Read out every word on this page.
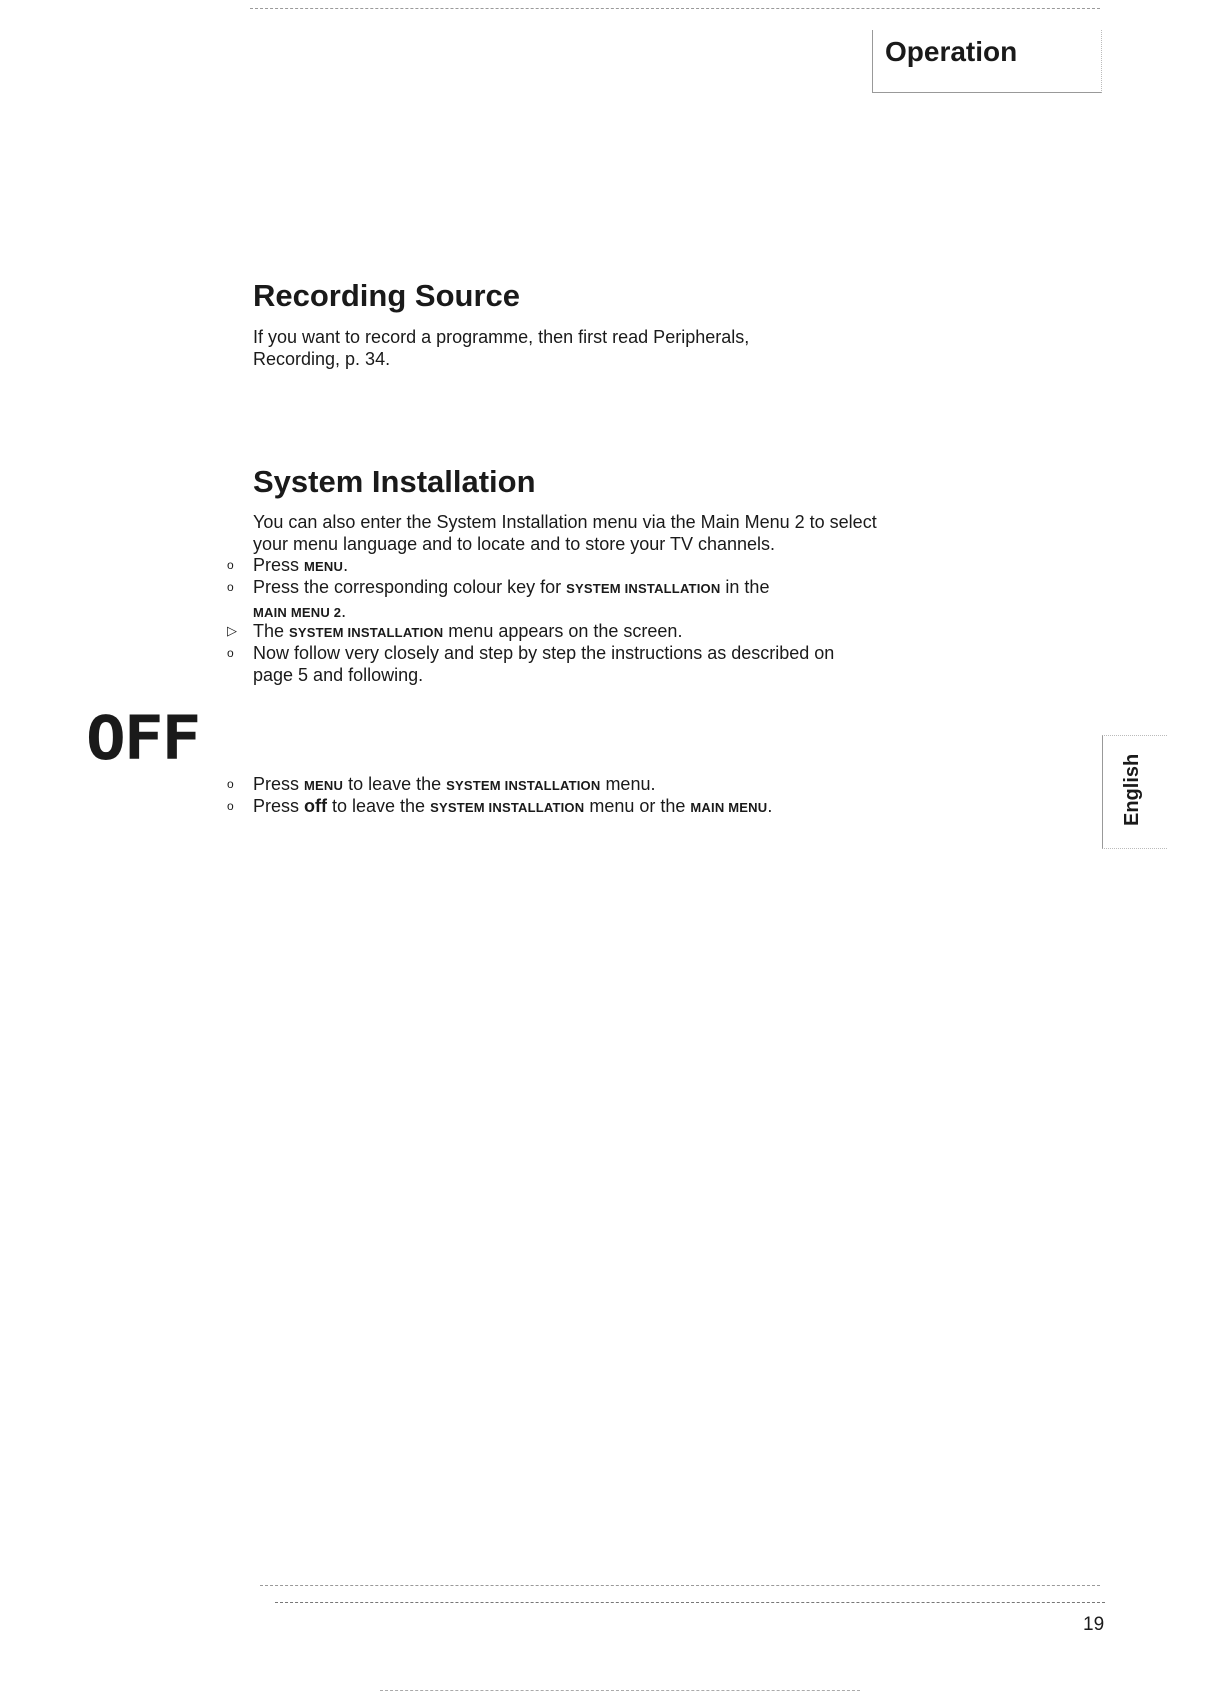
Operation
Recording Source

If you want to record a programme, then first read Peripherals, Recording, p. 34.

System Installation

You can also enter the System Installation menu via the Main Menu 2 to select your menu language and to locate and to store your TV channels.

o	Press MENU.
o	Press the corresponding colour key for SYSTEM INSTALLATION in the
MAIN MENU 2.
▷ The SYSTEM INSTALLATION menu appears on the screen.
o	Now follow very closely and step by step the instructions as described on page 5 and following.
OFF
o	Press MENU to leave the SYSTEM INSTALLATION menu.
o	Press off to leave the SYSTEM INSTALLATION menu or the MAIN MENU.	English
19
